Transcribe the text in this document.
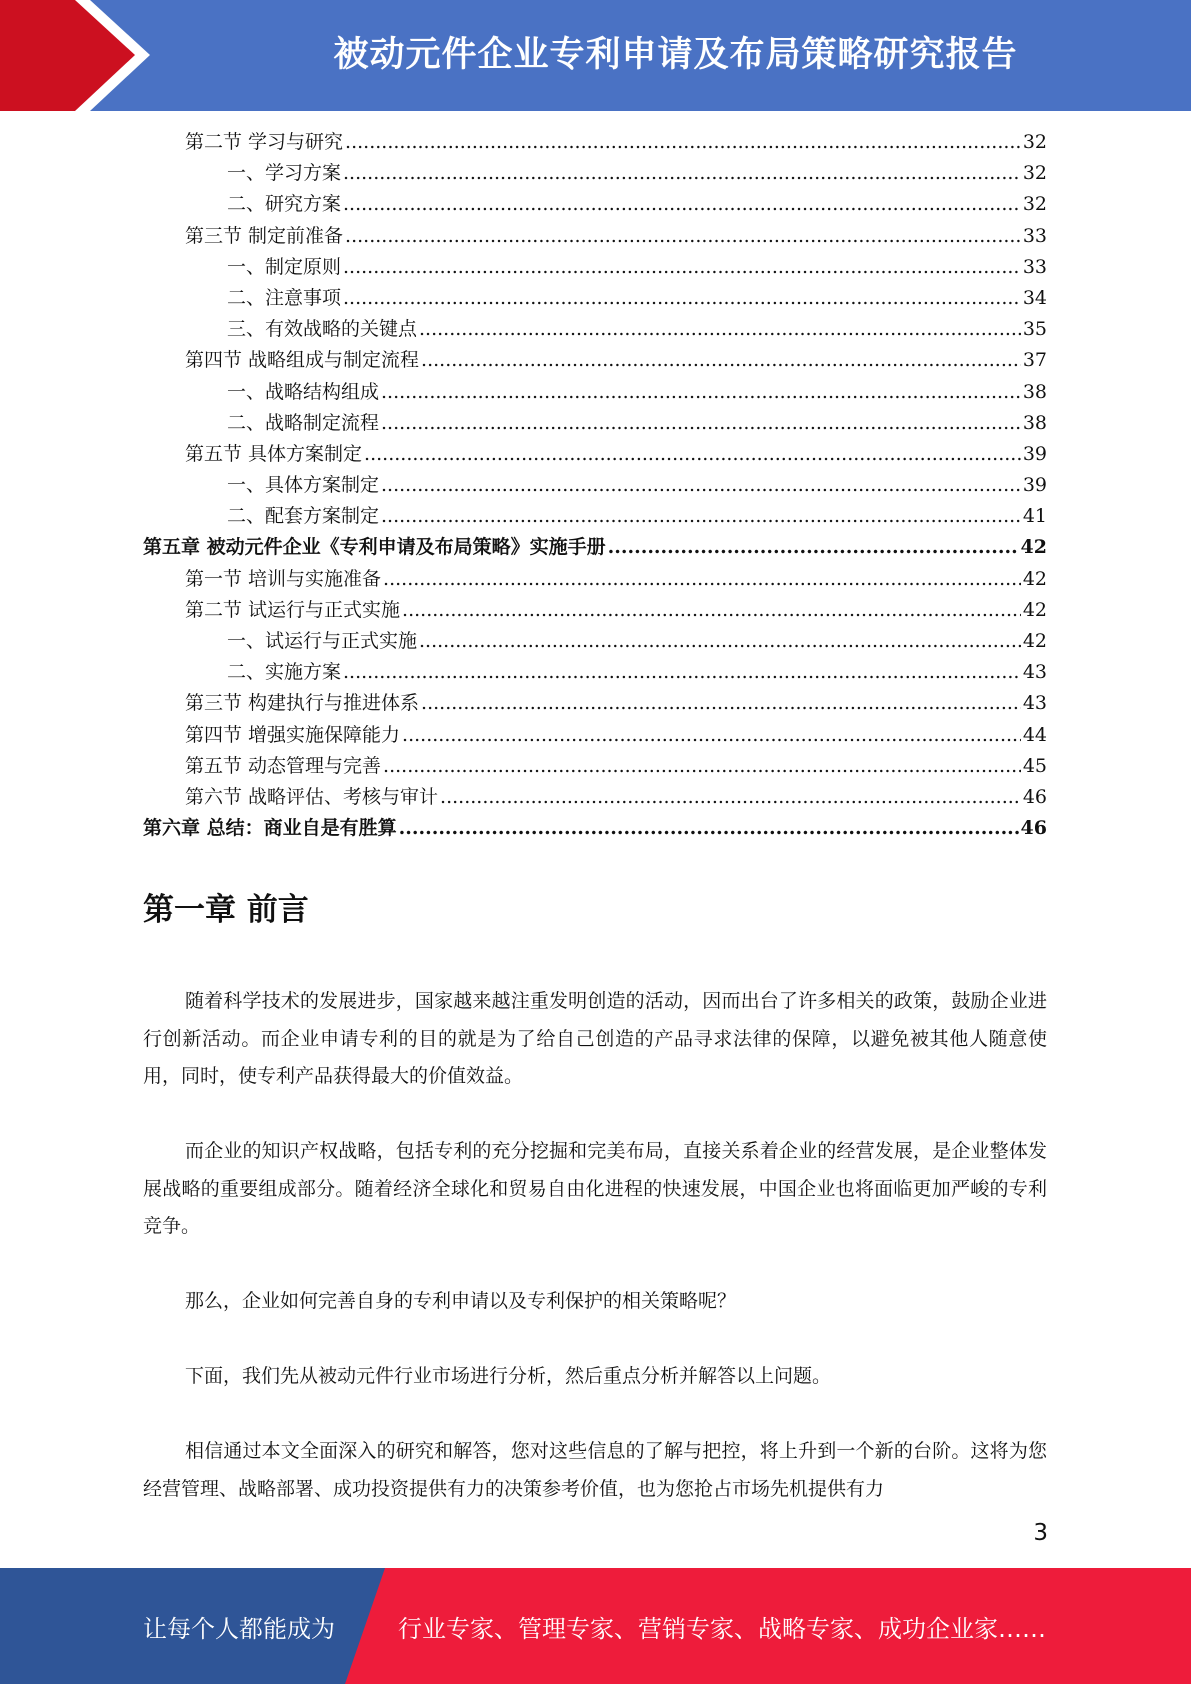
被动元件企业专利申请及布局策略研究报告
第二节 学习与研究 .....	32
一、学习方案 .....	32
二、研究方案 .....	32
第三节 制定前准备 .....	33
一、制定原则 .....	33
二、注意事项 .....	34
三、有效战略的关键点 .....	35
第四节 战略组成与制定流程 .....	37
一、战略结构组成 .....	38
二、战略制定流程 .....	38
第五节 具体方案制定 .....	39
一、具体方案制定 .....	39
二、配套方案制定 .....	41
第五章 被动元件企业《专利申请及布局策略》实施手册 .....	42
第一节 培训与实施准备 .....	42
第二节 试运行与正式实施 .....	42
一、试运行与正式实施 .....	42
二、实施方案 .....	43
第三节 构建执行与推进体系 .....	43
第四节 增强实施保障能力 .....	44
第五节 动态管理与完善 .....	45
第六节 战略评估、考核与审计 .....	46
第六章 总结：商业自是有胜算 .....	46
第一章 前言

随着科学技术的发展进步，国家越来越注重发明创造的活动，因而出台了许多相关的政策，鼓励企业进行创新活动。而企业申请专利的目的就是为了给自己创造的产品寻求法律的保障，以避免被其他人随意使用，同时，使专利产品获得最大的价值效益。

而企业的知识产权战略，包括专利的充分挖掘和完美布局，直接关系着企业的经营发展，是企业整体发展战略的重要组成部分。随着经济全球化和贸易自由化进程的快速发展，中国企业也将面临更加严峻的专利竞争。

那么，企业如何完善自身的专利申请以及专利保护的相关策略呢？

下面，我们先从被动元件行业市场进行分析，然后重点分析并解答以上问题。

相信通过本文全面深入的研究和解答，您对这些信息的了解与把控，将上升到一个新的台阶。这将为您经营管理、战略部署、成功投资提供有力的决策参考价值，也为您抢占市场先机提供有力

3
让每个人都能成为	行业专家、管理专家、营销专家、战略专家、成功企业家……
